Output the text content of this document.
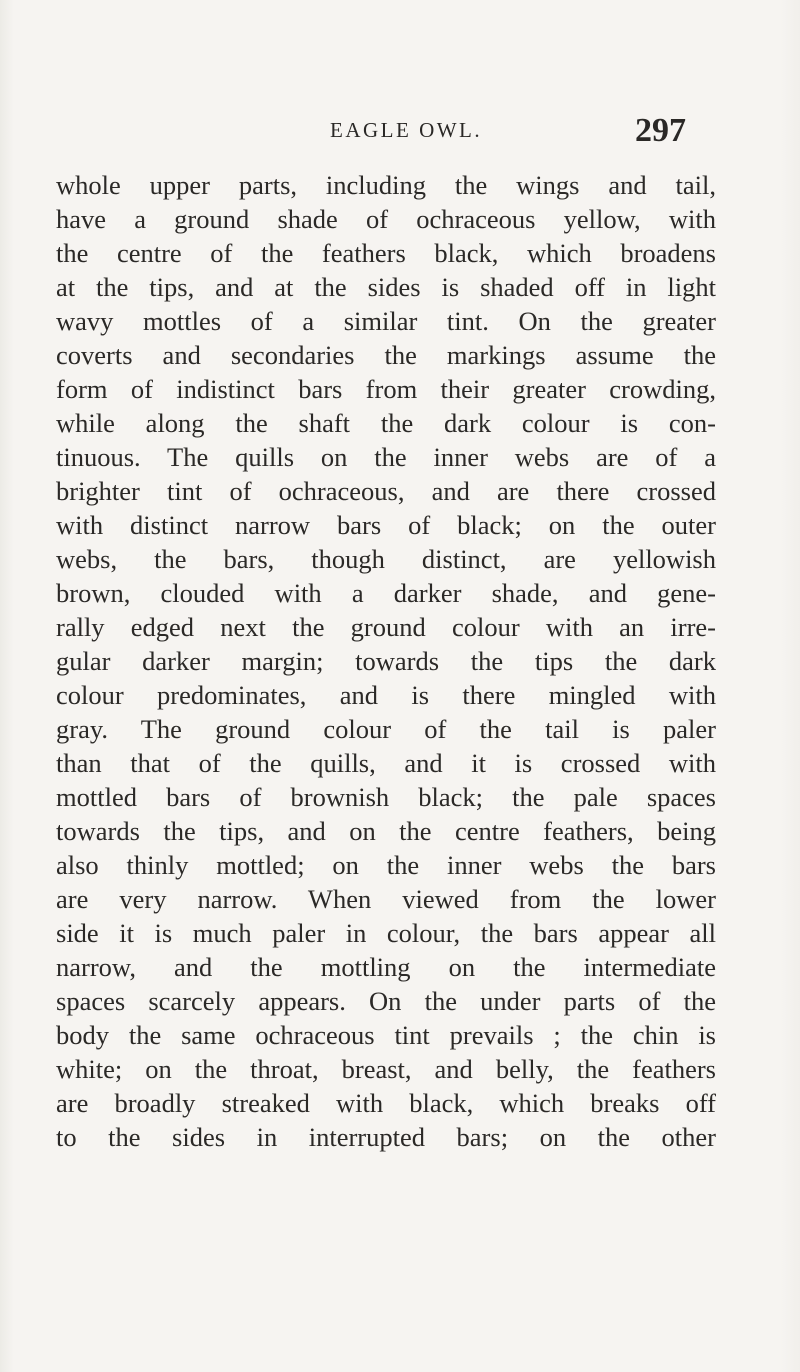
EAGLE OWL.	297
whole upper parts, including the wings and tail,
have a ground shade of ochraceous yellow, with
the centre of the feathers black, which broadens
at the tips, and at the sides is shaded off in light
wavy mottles of a similar tint. On the greater
coverts and secondaries the markings assume the
form of indistinct bars from their greater crowding,
while along the shaft the dark colour is con-
tinuous. The quills on the inner webs are of a
brighter tint of ochraceous, and are there crossed
with distinct narrow bars of black; on the outer
webs, the bars, though distinct, are yellowish
brown, clouded with a darker shade, and gene-
rally edged next the ground colour with an irre-
gular darker margin; towards the tips the dark
colour predominates, and is there mingled with
gray. The ground colour of the tail is paler
than that of the quills, and it is crossed with
mottled bars of brownish black; the pale spaces
towards the tips, and on the centre feathers, being
also thinly mottled; on the inner webs the bars
are very narrow. When viewed from the lower
side it is much paler in colour, the bars appear all
narrow, and the mottling on the intermediate
spaces scarcely appears. On the under parts of the
body the same ochraceous tint prevails ; the chin is
white; on the throat, breast, and belly, the feathers
are broadly streaked with black, which breaks off
to the sides in interrupted bars; on the other
